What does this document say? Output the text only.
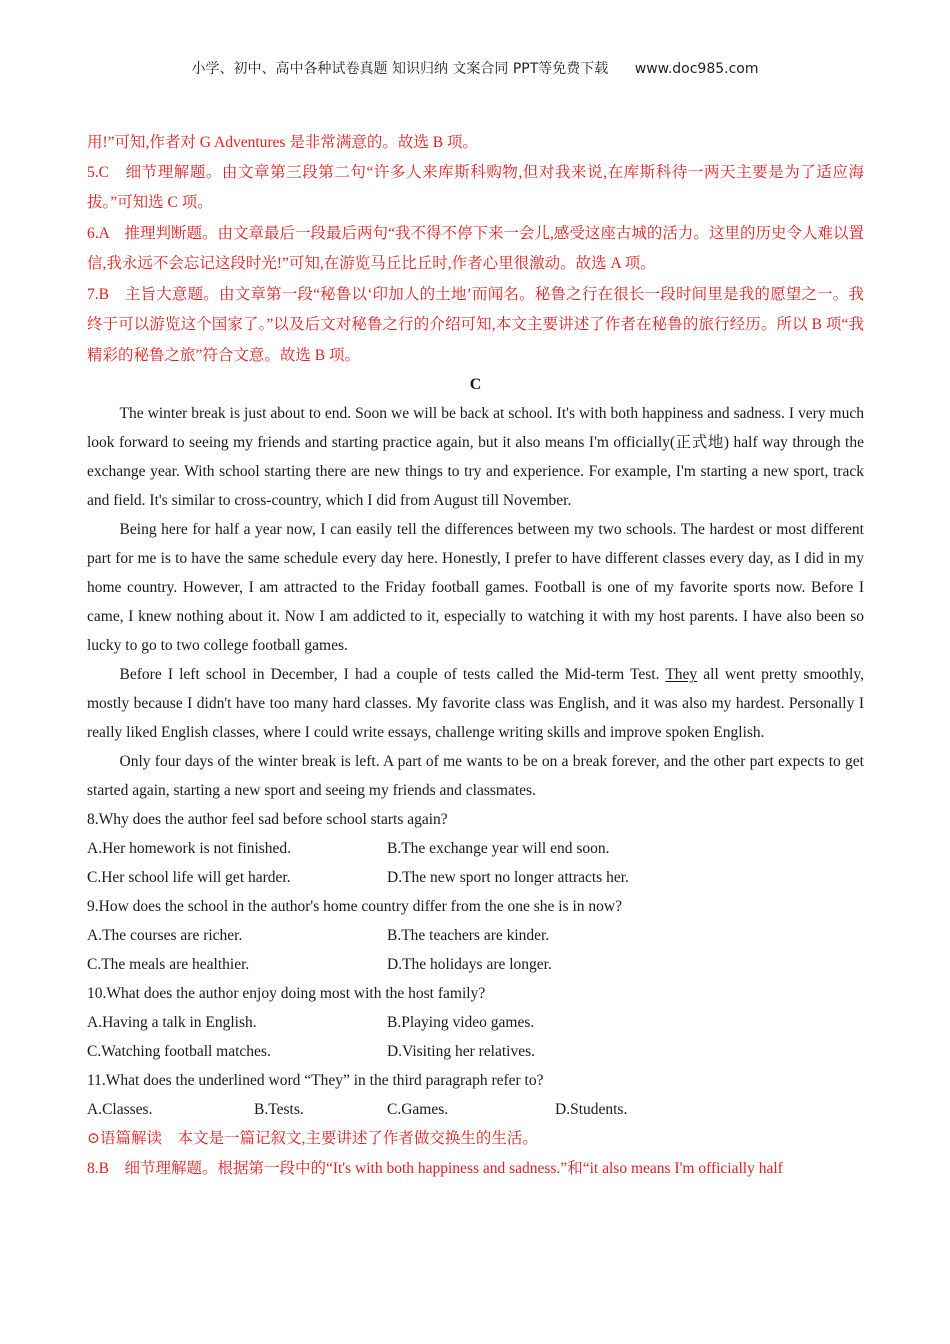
小学、初中、高中各种试卷真题 知识归纳 文案合同 PPT等免费下载 www.doc985.com
用!”可知,作者对 G Adventures 是非常满意的。故选 B 项。

5.C　细节理解题。由文章第三段第二句“许多人来库斯科购物,但对我来说,在库斯科待一两天主要是为了适应海拔。”可知选 C 项。

6.A　推理判断题。由文章最后一段最后两句“我不得不停下来一会儿,感受这座古城的活力。这里的历史令人难以置信,我永远不会忘记这段时光!”可知,在游览马丘比丘时,作者心里很激动。故选 A 项。

7.B　主旨大意题。由文章第一段“秘鲁以‘印加人的土地’而闻名。秘鲁之行在很长一段时间里是我的愿望之一。我终于可以游览这个国家了。”以及后文对秘鲁之行的介绍可知,本文主要讲述了作者在秘鲁的旅行经历。所以 B 项“我精彩的秘鲁之旅”符合文意。故选 B 项。

C

The winter break is just about to end. Soon we will be back at school. It's with both happiness and sadness. I very much look forward to seeing my friends and starting practice again, but it also means I'm officially(正式地) half way through the exchange year. With school starting there are new things to try and experience. For example, I'm starting a new sport, track and field. It's similar to cross-country, which I did from August till November.

Being here for half a year now, I can easily tell the differences between my two schools. The hardest or most different part for me is to have the same schedule every day here. Honestly, I prefer to have different classes every day, as I did in my home country. However, I am attracted to the Friday football games. Football is one of my favorite sports now. Before I came, I knew nothing about it. Now I am addicted to it, especially to watching it with my host parents. I have also been so lucky to go to two college football games.

Before I left school in December, I had a couple of tests called the Mid-term Test. They all went pretty smoothly, mostly because I didn't have too many hard classes. My favorite class was English, and it was also my hardest. Personally I really liked English classes, where I could write essays, challenge writing skills and improve spoken English.

Only four days of the winter break is left. A part of me wants to be on a break forever, and the other part expects to get started again, starting a new sport and seeing my friends and classmates.

8.Why does the author feel sad before school starts again?

A.Her homework is not finished.	B.The exchange year will end soon.
C.Her school life will get harder.	D.The new sport no longer attracts her.

9.How does the school in the author's home country differ from the one she is in now?

A.The courses are richer.	B.The teachers are kinder.
C.The meals are healthier.	D.The holidays are longer.

10.What does the author enjoy doing most with the host family?

A.Having a talk in English.	B.Playing video games.
C.Watching football matches.	D.Visiting her relatives.

11.What does the underlined word “They” in the third paragraph refer to?

A.Classes.	B.Tests.	C.Games.	D.Students.
⊙语篇解读　本文是一篇记叙文,主要讲述了作者做交换生的生活。
8.B　细节理解题。根据第一段中的“It's with both happiness and sadness.”和“it also means I'm officially half
